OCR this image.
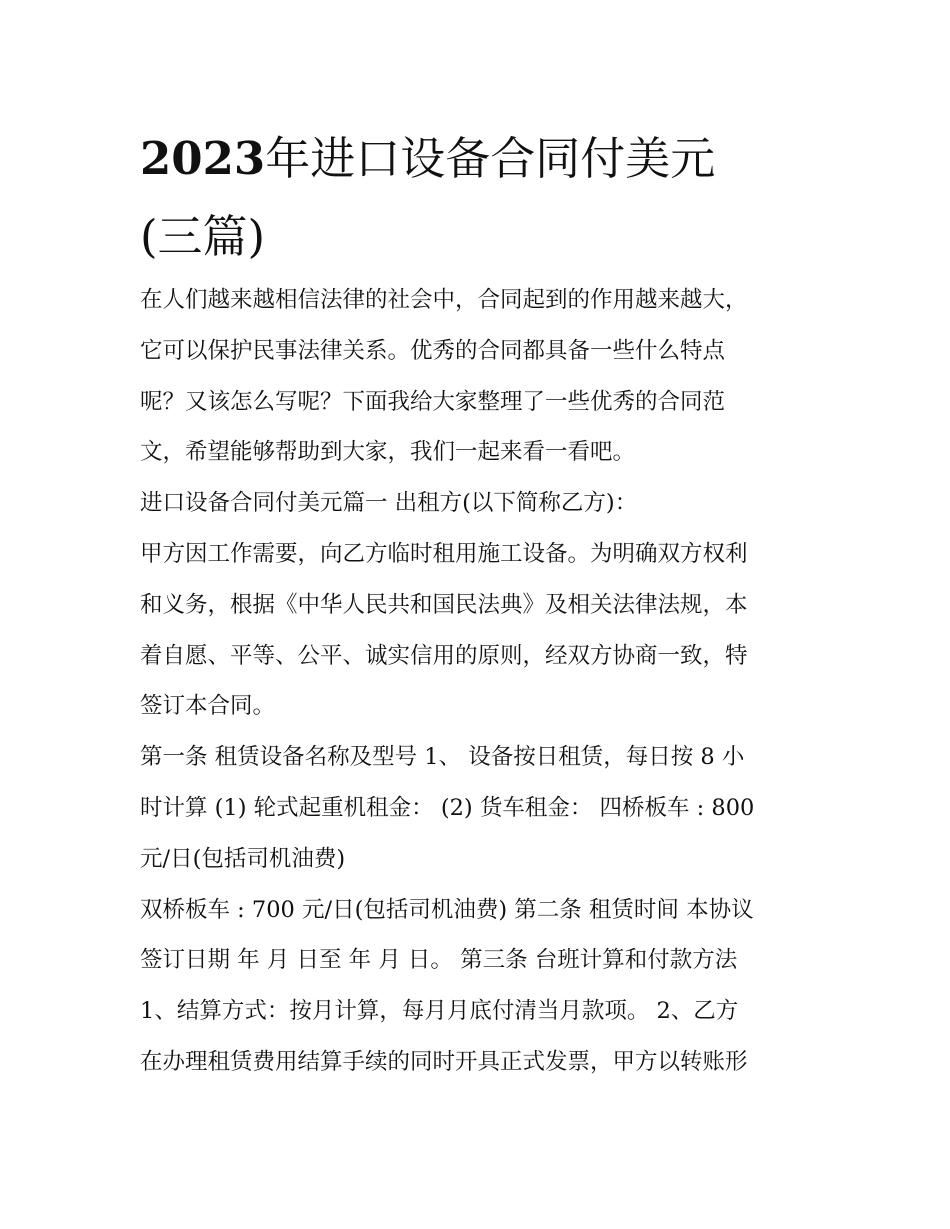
2023年进口设备合同付美元
(三篇)

在人们越来越相信法律的社会中，合同起到的作用越来越大，

它可以保护民事法律关系。优秀的合同都具备一些什么特点

呢？又该怎么写呢？下面我给大家整理了一些优秀的合同范

文，希望能够帮助到大家，我们一起来看一看吧。

进口设备合同付美元篇一 出租方(以下简称乙方)：

甲方因工作需要，向乙方临时租用施工设备。为明确双方权利

和义务，根据《中华人民共和国民法典》及相关法律法规，本

着自愿、平等、公平、诚实信用的原则，经双方协商一致，特

签订本合同。

第一条 租赁设备名称及型号 1、 设备按日租赁，每日按 8 小

时计算 (1) 轮式起重机租金： (2) 货车租金： 四桥板车 : 800

元/日(包括司机油费)

双桥板车 : 700 元/日(包括司机油费) 第二条 租赁时间 本协议

签订日期 年 月 日至 年 月 日。 第三条 台班计算和付款方法

1、结算方式：按月计算，每月月底付清当月款项。 2、乙方

在办理租赁费用结算手续的同时开具正式发票，甲方以转账形
